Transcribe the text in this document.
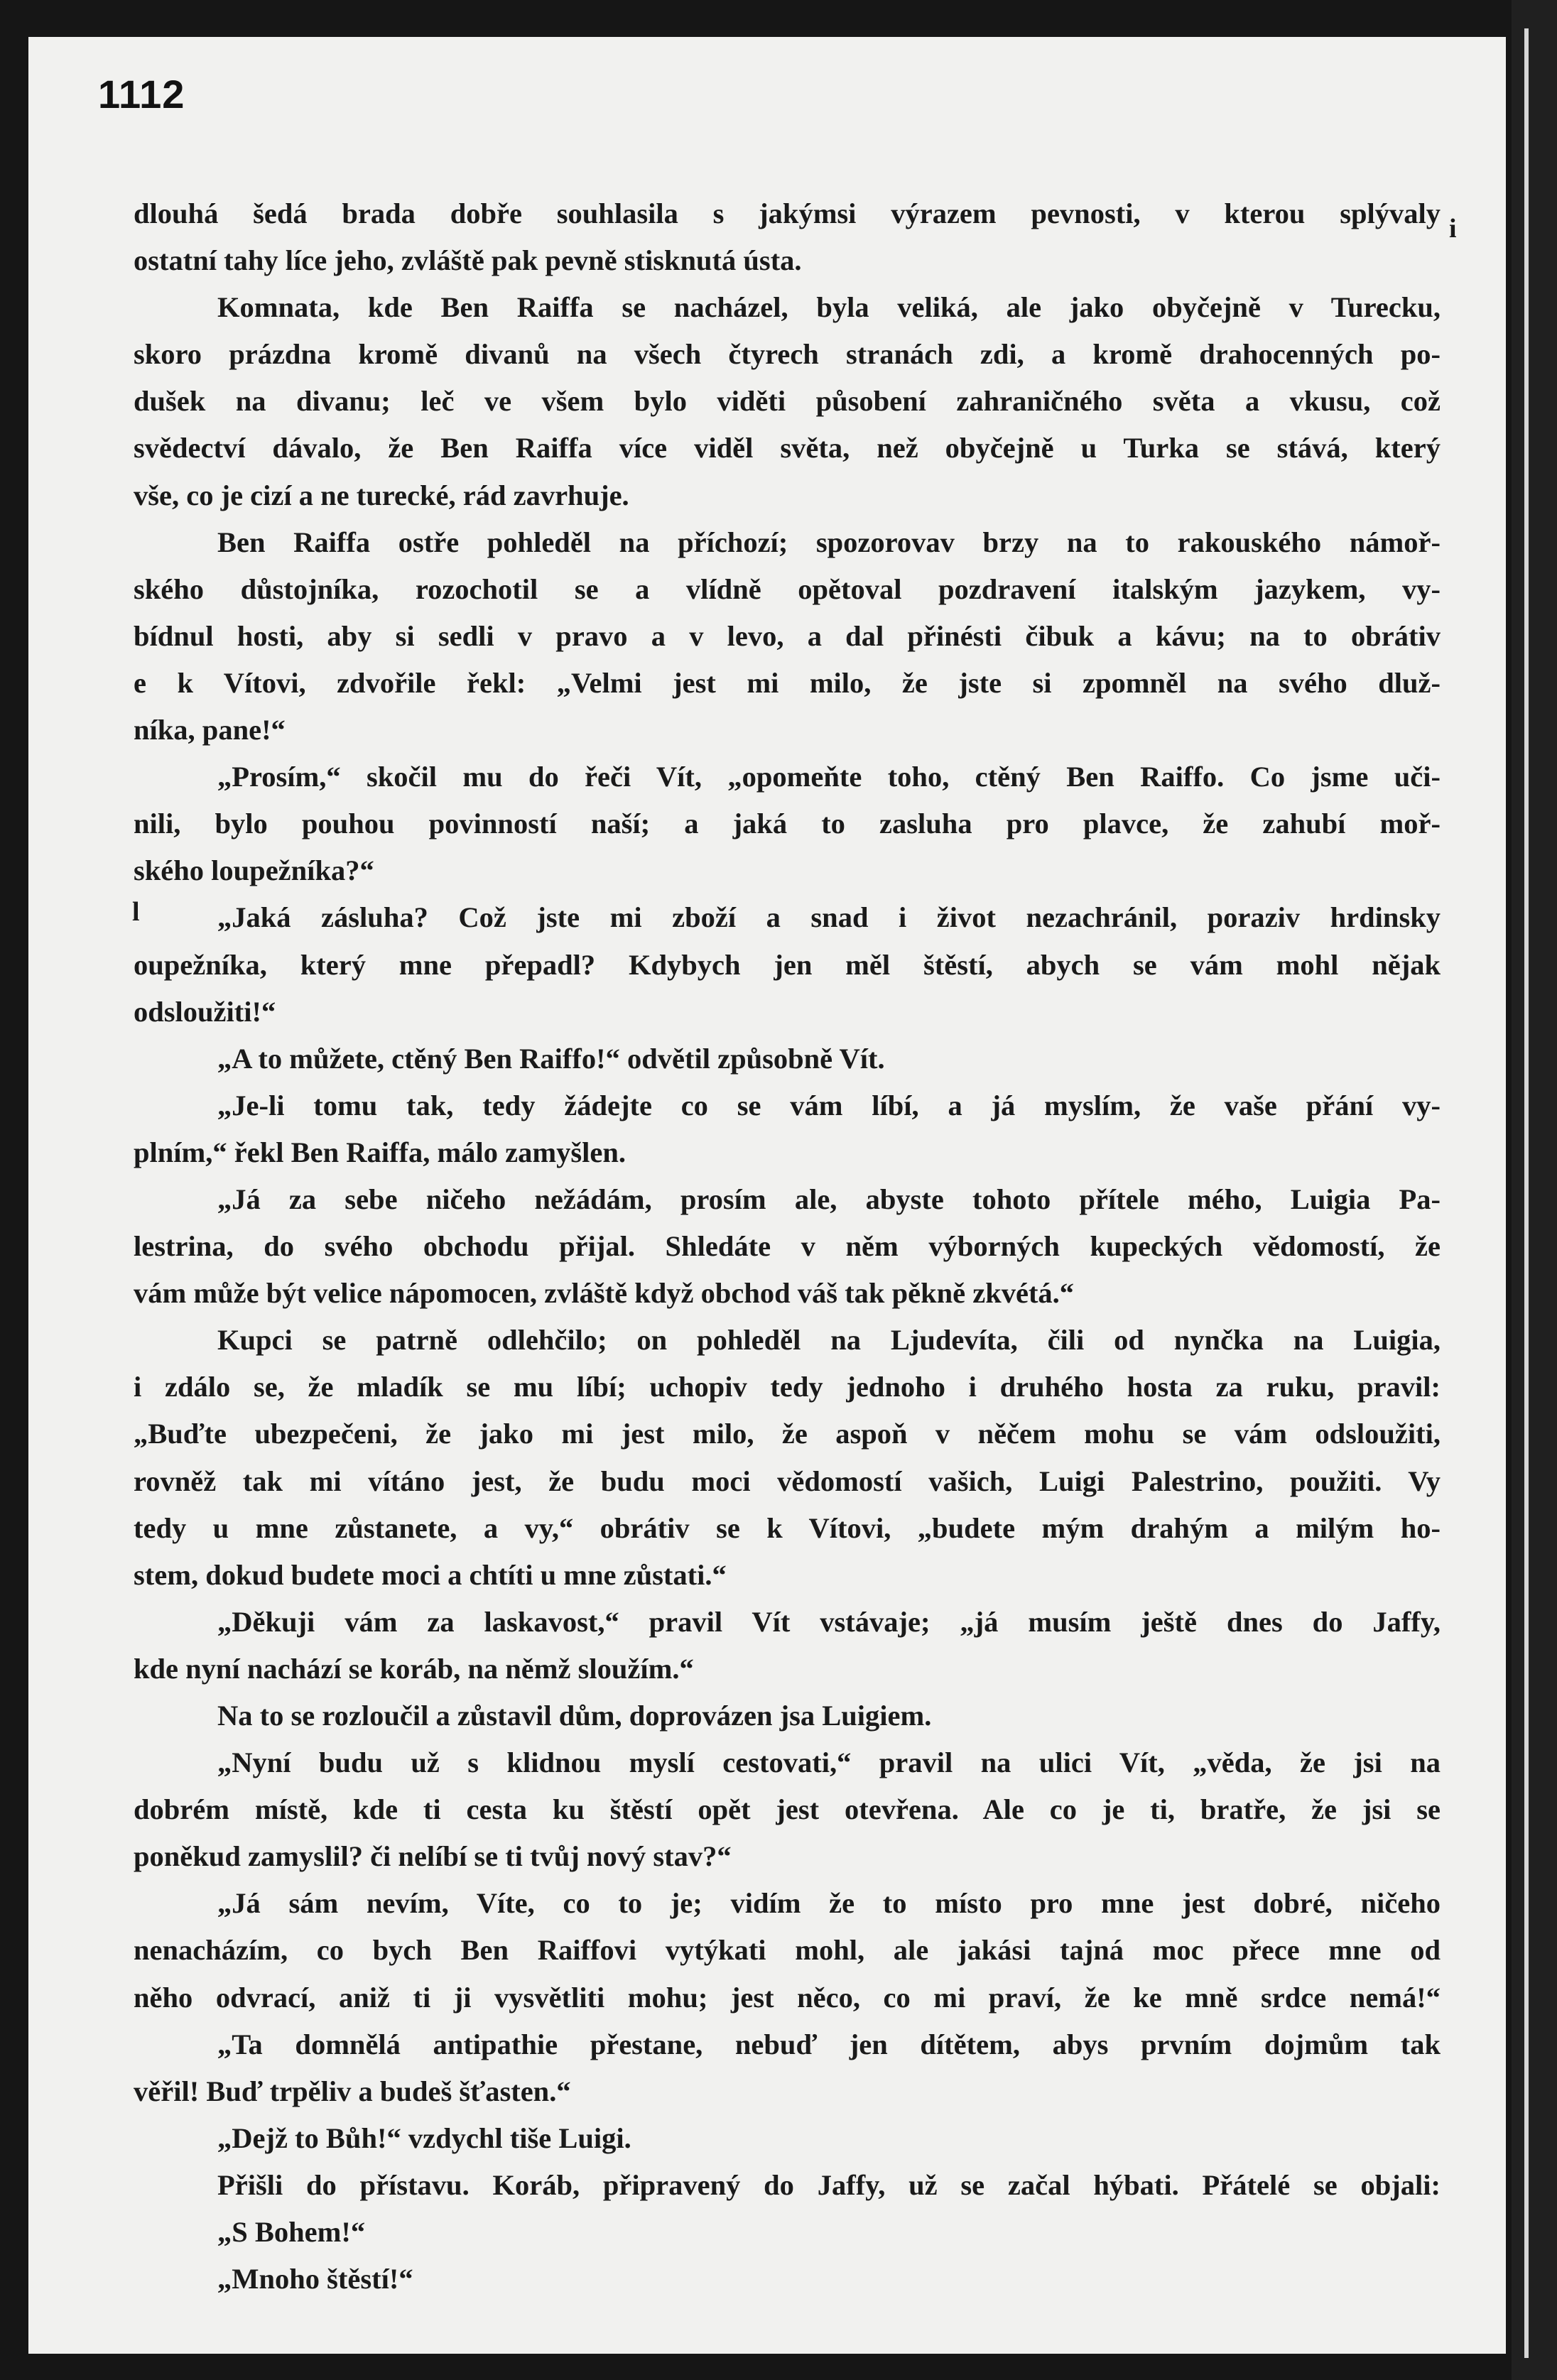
1112
i
l
dlouhá šedá brada dobře souhlasila s jakýmsi výrazem pevnosti, v kterou splývaly
ostatní tahy líce jeho, zvláště pak pevně stisknutá ústa.
Komnata, kde Ben Raiffa se nacházel, byla veliká, ale jako obyčejně v Turecku,
skoro prázdna kromě divanů na všech čtyrech stranách zdi, a kromě drahocenných po-
dušek na divanu; leč ve všem bylo viděti působení zahraničného světa a vkusu, což
svědectví dávalo, že Ben Raiffa více viděl světa, než obyčejně u Turka se stává, který
vše, co je cizí a ne turecké, rád zavrhuje.
Ben Raiffa ostře pohleděl na příchozí; spozorovav brzy na to rakouského námoř-
ského důstojníka, rozochotil se a vlídně opětoval pozdravení italským jazykem, vy-
bídnul hosti, aby si sedli v pravo a v levo, a dal přinésti čibuk a kávu; na to obrátiv
e k Vítovi, zdvořile řekl: „Velmi jest mi milo, že jste si zpomněl na svého dluž-
níka, pane!“
„Prosím,“ skočil mu do řeči Vít, „opomeňte toho, ctěný Ben Raiffo. Co jsme uči-
nili, bylo pouhou povinností naší; a jaká to zasluha pro plavce, že zahubí moř-
ského loupežníka?“
„Jaká zásluha? Což jste mi zboží a snad i život nezachránil, poraziv hrdinsky
oupežníka, který mne přepadl? Kdybych jen měl štěstí, abych se vám mohl nějak
odsloužiti!“
„A to můžete, ctěný Ben Raiffo!“ odvětil způsobně Vít.
„Je-li tomu tak, tedy žádejte co se vám líbí, a já myslím, že vaše přání vy-
plním,“ řekl Ben Raiffa, málo zamyšlen.
„Já za sebe ničeho nežádám, prosím ale, abyste tohoto přítele mého, Luigia Pa-
lestrina, do svého obchodu přijal. Shledáte v něm výborných kupeckých vědomostí, že
vám může být velice nápomocen, zvláště když obchod váš tak pěkně zkvétá.“
Kupci se patrně odlehčilo; on pohleděl na Ljudevíta, čili od nynčka na Luigia,
i zdálo se, že mladík se mu líbí; uchopiv tedy jednoho i druhého hosta za ruku, pravil:
„Buďte ubezpečeni, že jako mi jest milo, že aspoň v něčem mohu se vám odsloužiti,
rovněž tak mi vítáno jest, že budu moci vědomostí vašich, Luigi Palestrino, použiti. Vy
tedy u mne zůstanete, a vy,“ obrátiv se k Vítovi, „budete mým drahým a milým ho-
stem, dokud budete moci a chtíti u mne zůstati.“
„Děkuji vám za laskavost,“ pravil Vít vstávaje; „já musím ještě dnes do Jaffy,
kde nyní nachází se koráb, na němž sloužím.“
Na to se rozloučil a zůstavil dům, doprovázen jsa Luigiem.
„Nyní budu už s klidnou myslí cestovati,“ pravil na ulici Vít, „věda, že jsi na
dobrém místě, kde ti cesta ku štěstí opět jest otevřena. Ale co je ti, bratře, že jsi se
poněkud zamyslil? či nelíbí se ti tvůj nový stav?“
„Já sám nevím, Víte, co to je; vidím že to místo pro mne jest dobré, ničeho
nenacházím, co bych Ben Raiffovi vytýkati mohl, ale jakási tajná moc přece mne od
něho odvrací, aniž ti ji vysvětliti mohu; jest něco, co mi praví, že ke mně srdce nemá!“
„Ta domnělá antipathie přestane, nebuď jen dítětem, abys prvním dojmům tak
věřil! Buď trpěliv a budeš šťasten.“
„Dejž to Bůh!“ vzdychl tiše Luigi.
Přišli do přístavu. Koráb, připravený do Jaffy, už se začal hýbati. Přátelé se objali:
„S Bohem!“
„Mnoho štěstí!“
